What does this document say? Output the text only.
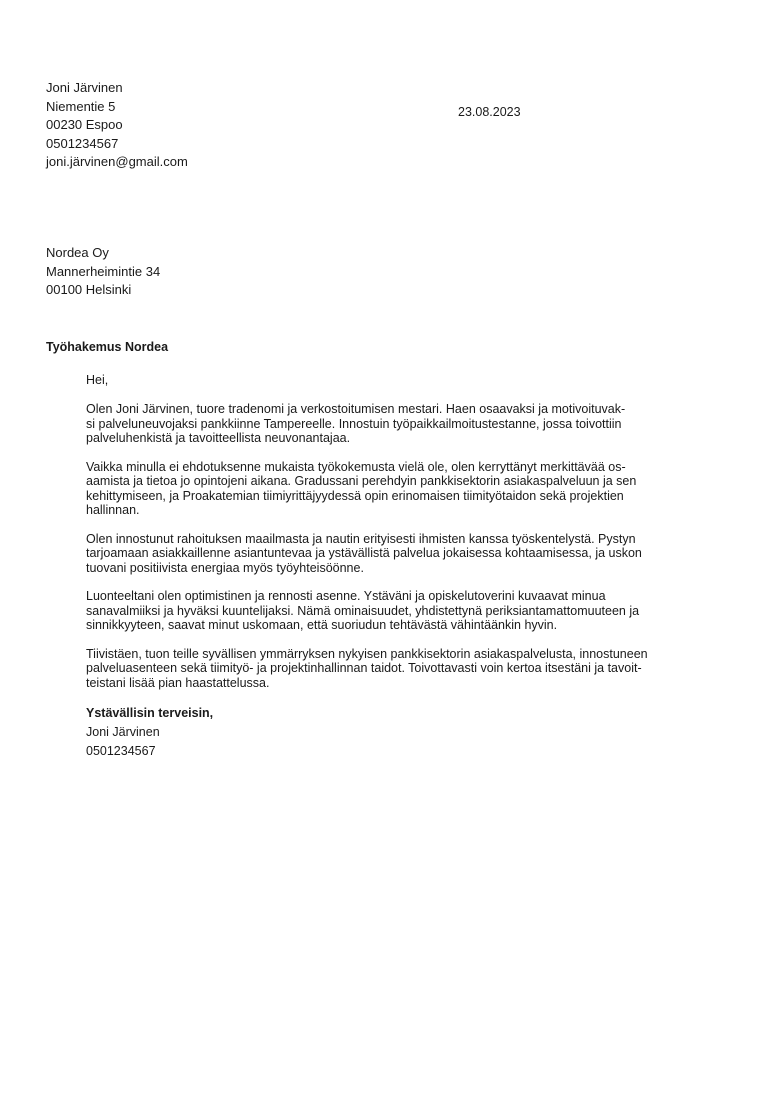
Joni Järvinen
Niementie 5
00230 Espoo
0501234567
joni.järvinen@gmail.com
23.08.2023
Nordea Oy
Mannerheimintie 34
00100 Helsinki
Työhakemus Nordea

Hei,

Olen Joni Järvinen, tuore tradenomi ja verkostoitumisen mestari. Haen osaavaksi ja motivoituvak-
si palveluneuvojaksi pankkiinne Tampereelle. Innostuin työpaikkailmoitustestanne, jossa toivottiin
palveluhenkistä ja tavoitteellista neuvonantajaa.

Vaikka minulla ei ehdotuksenne mukaista työkokemusta vielä ole, olen kerryttänyt merkittävää os-
aamista ja tietoa jo opintojeni aikana. Gradussani perehdyin pankkisektorin asiakaspalveluun ja sen
kehittymiseen, ja Proakatemian tiimiyrittäjyydessä opin erinomaisen tiimityötaidon sekä projektien
hallinnan.

Olen innostunut rahoituksen maailmasta ja nautin erityisesti ihmisten kanssa työskentelystä. Pystyn
tarjoamaan asiakkaillenne asiantuntevaa ja ystävällistä palvelua jokaisessa kohtaamisessa, ja uskon
tuovani positiivista energiaa myös työyhteisöönne.

Luonteeltani olen optimistinen ja rennosti asenne. Ystäväni ja opiskelutoverini kuvaavat minua
sanavalmiiksi ja hyväksi kuuntelijaksi. Nämä ominaisuudet, yhdistettynä periksiantamattomuuteen ja
sinnikkyyteen, saavat minut uskomaan, että suoriudun tehtävästä vähintäänkin hyvin.

Tiivistäen, tuon teille syvällisen ymmärryksen nykyisen pankkisektorin asiakaspalvelusta, innostuneen
palveluasenteen sekä tiimityö- ja projektinhallinnan taidot. Toivottavasti voin kertoa itsestäni ja tavoit-
teistani lisää pian haastattelussa.

Ystävällisin terveisin,
Joni Järvinen
0501234567
